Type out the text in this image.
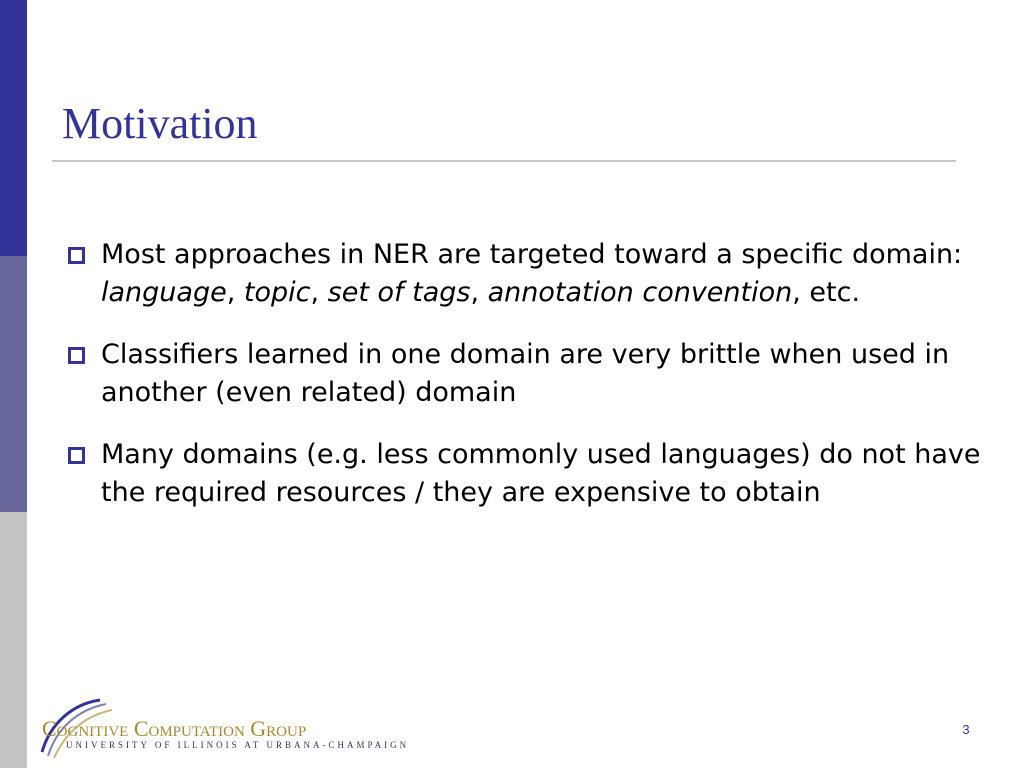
Motivation
Most approaches in NER are targeted toward a specific domain: language, topic, set of tags, annotation convention, etc.
Classifiers learned in one domain are very brittle when used in another (even related) domain
Many domains (e.g. less commonly used languages) do not have the required resources / they are expensive to obtain
Cognitive Computation Group
UNIVERSITY OF ILLINOIS AT URBANA-CHAMPAIGN
3
